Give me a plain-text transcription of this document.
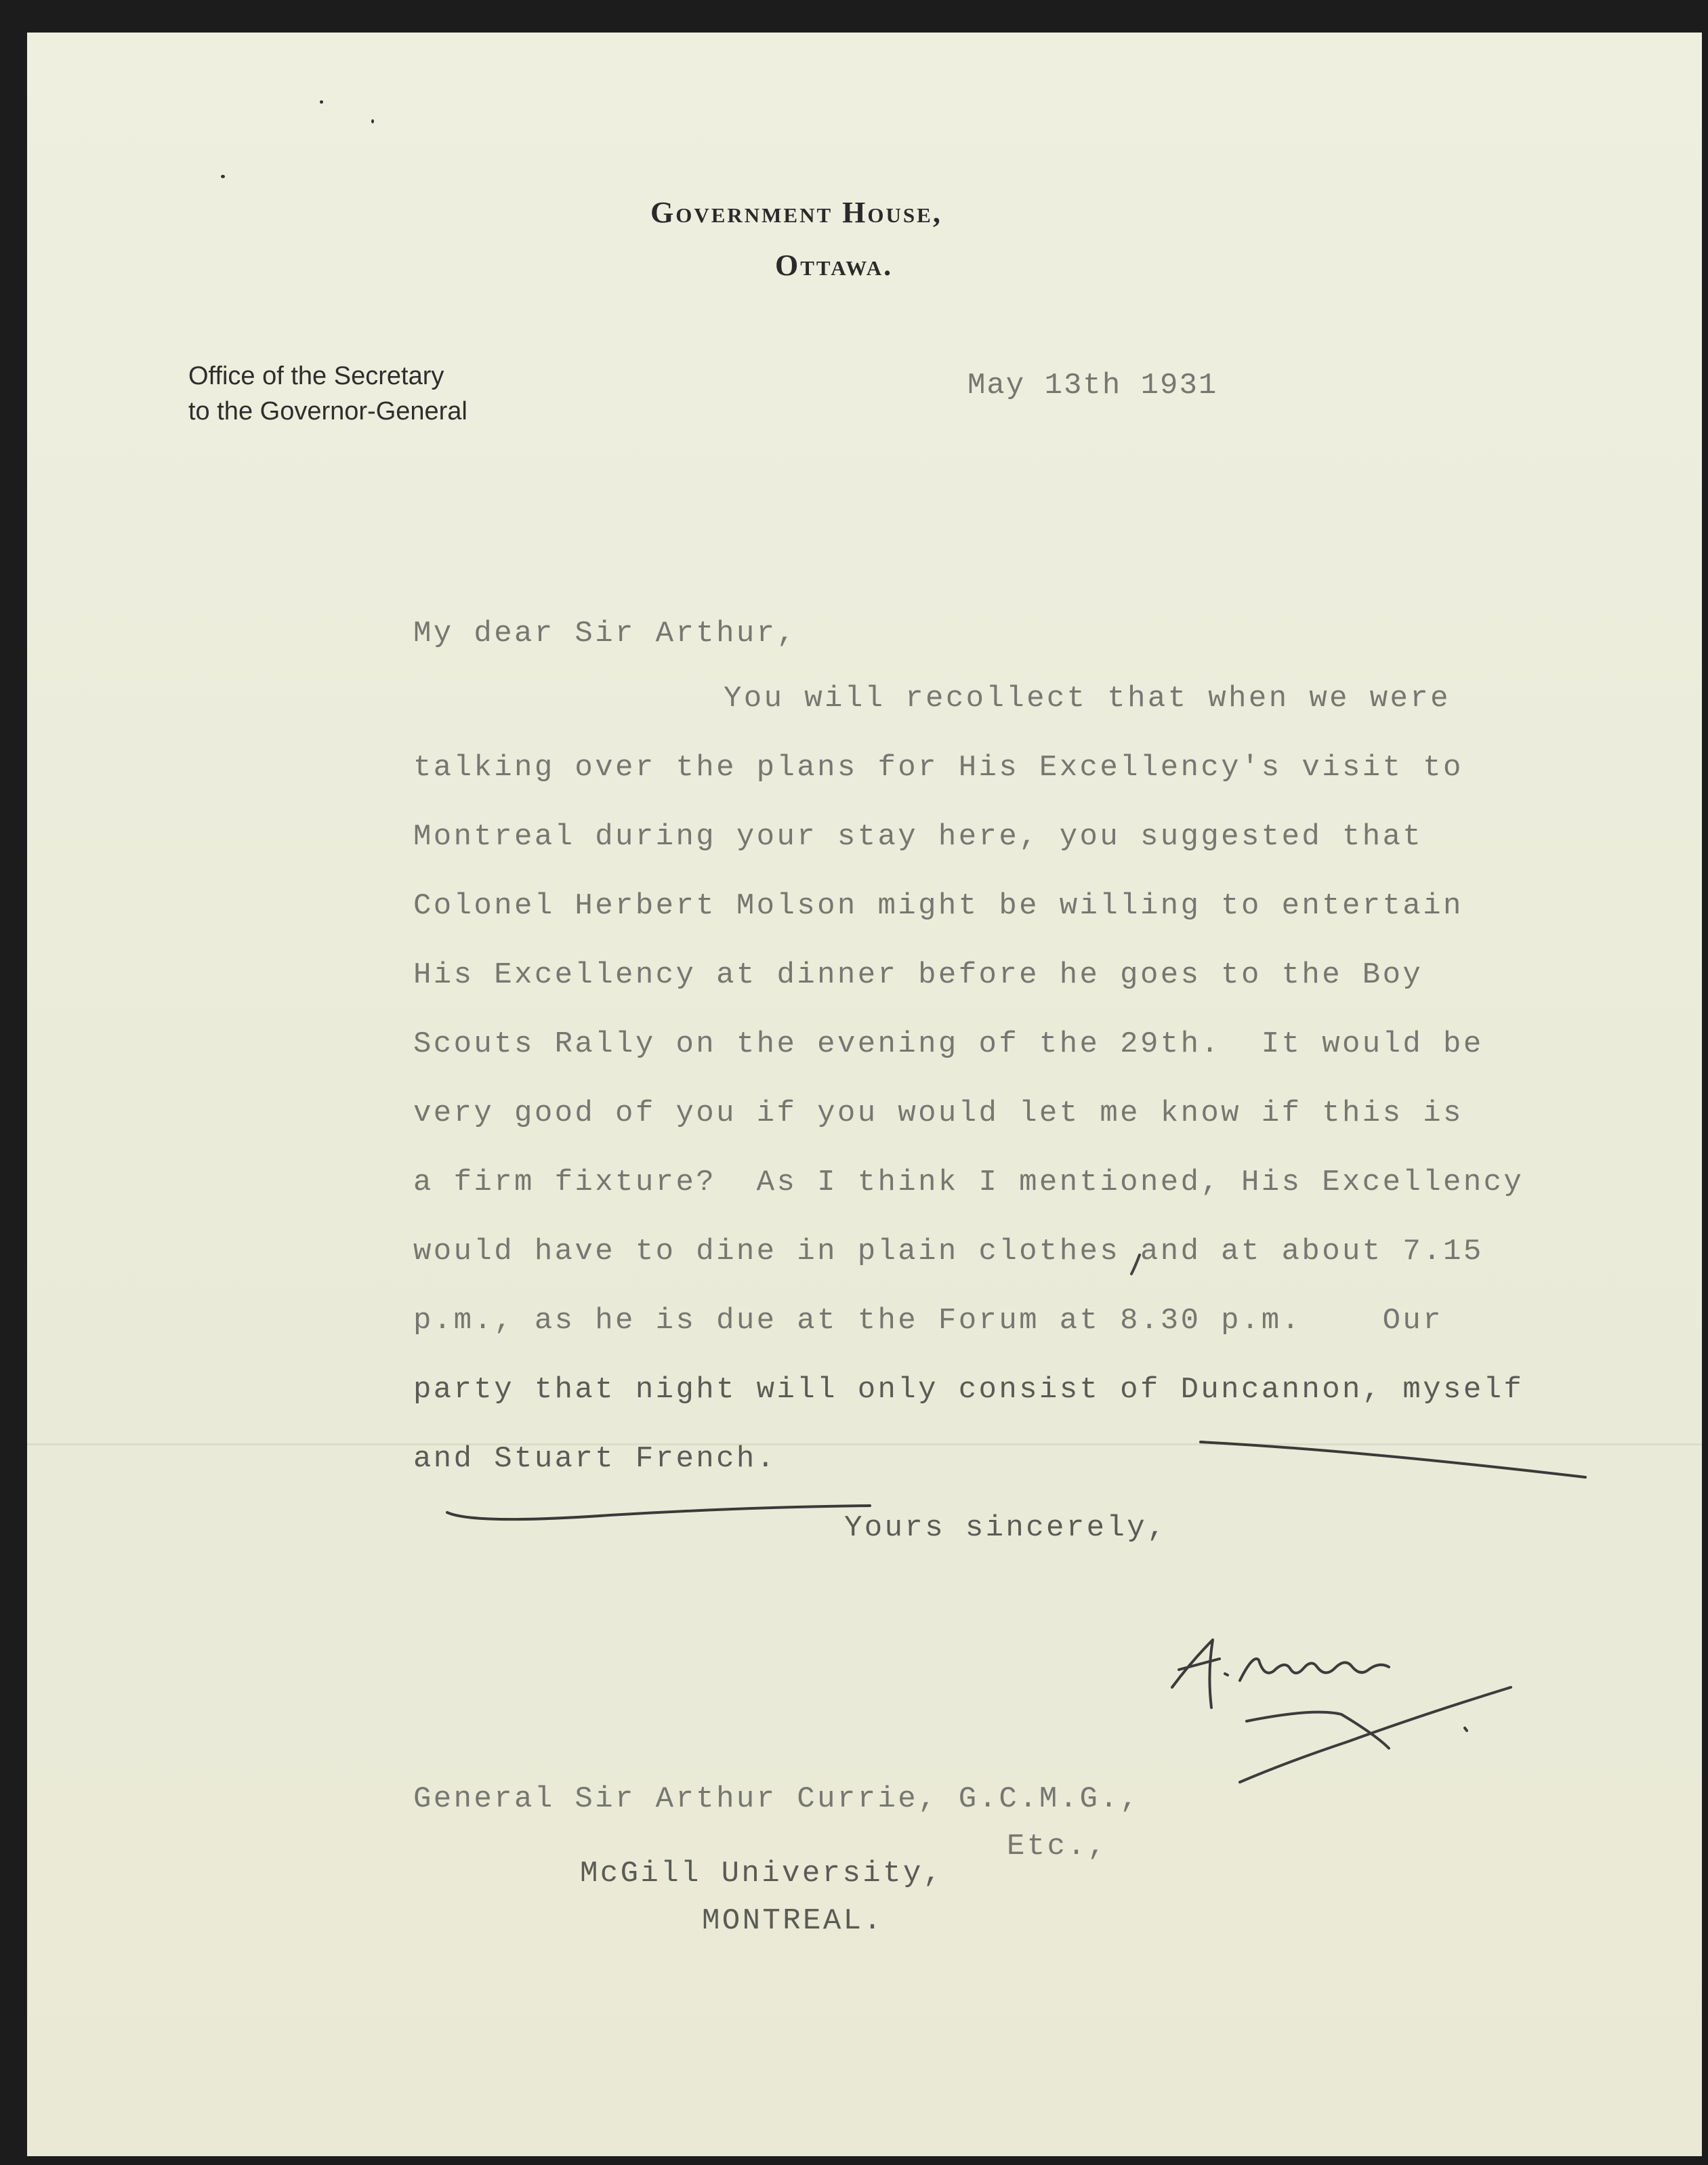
Government House,
Ottawa.
Office of the Secretary
to the Governor-General
May 13th 1931
My dear Sir Arthur,
You will recollect that when we were
talking over the plans for His Excellency's visit to
Montreal during your stay here, you suggested that
Colonel Herbert Molson might be willing to entertain
His Excellency at dinner before he goes to the Boy
Scouts Rally on the evening of the 29th.  It would be
very good of you if you would let me know if this is
a firm fixture?  As I think I mentioned, His Excellency
would have to dine in plain clothes and at about 7.15
p.m., as he is due at the Forum at 8.30 p.m.    Our
party that night will only consist of Duncannon, myself
and Stuart French.
Yours sincerely,
General Sir Arthur Currie, G.C.M.G.,
Etc.,
McGill University,
MONTREAL.
